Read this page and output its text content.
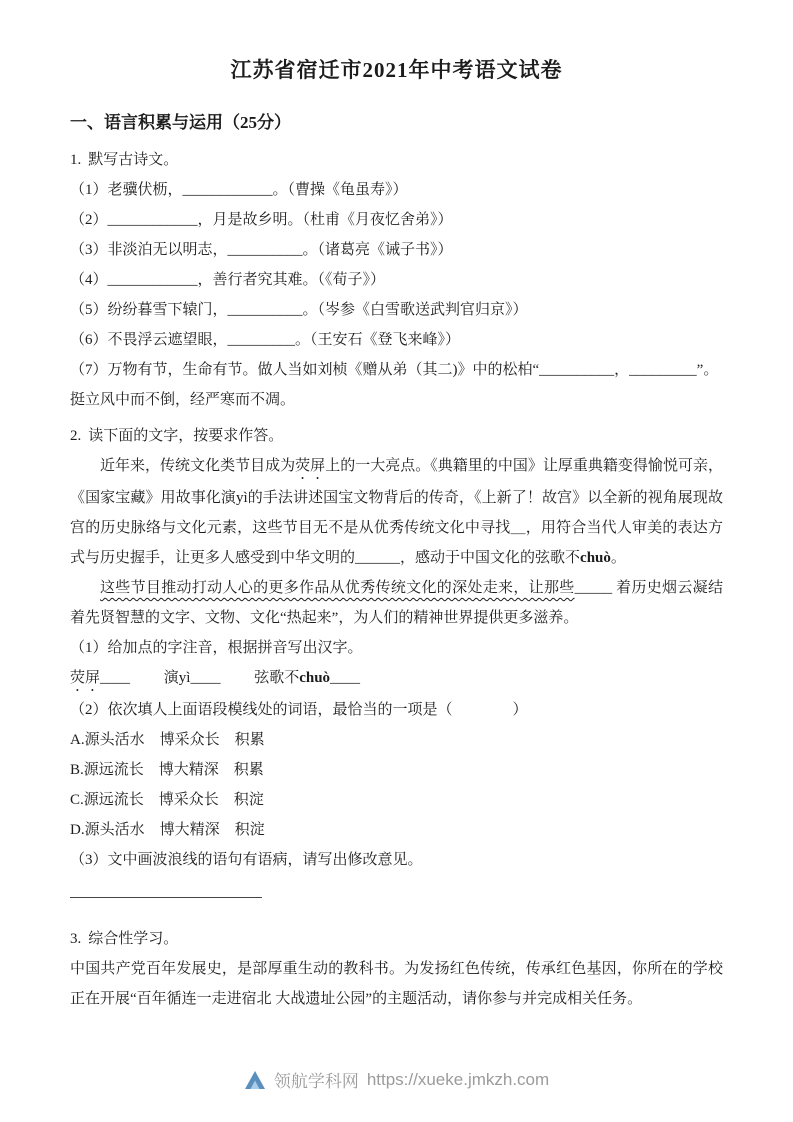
江苏省宿迁市2021年中考语文试卷
一、语言积累与运用（25分）
1. 默写古诗文。
（1）老骥伏枥，____________。（曹操《龟虽寿》）
（2）____________，月是故乡明。（杜甫《月夜忆舍弟》）
（3）非淡泊无以明志，__________。（诸葛亮《诫子书》）
（4）____________，善行者究其难。（《荀子》）
（5）纷纷暮雪下辕门，__________。（岑参《白雪歌送武判官归京》）
（6）不畏浮云遮望眼，_________。（王安石《登飞来峰》）
（7）万物有节，生命有节。做人当如刘桢《赠从弟（其二)》中的松柏“__________，_________”。
挺立风中而不倒，经严寒而不凋。
2. 读下面的文字，按要求作答。

近年来，传统文化类节目成为荧屏上的一大亮点。《典籍里的中国》让厚重典籍变得愉悦可亲，《国家宝藏》用故事化演yì的手法讲述国宝文物背后的传奇，《上新了！故宫》以全新的视角展现故宫的历史脉络与文化元素，这些节目无不是从优秀传统文化中寻找＿，用符合当代人审美的表达方式与历史握手，让更多人感受到中华文明的______，感动于中国文化的弦歌不chuò。

这些节目推动打动人心的更多作品从优秀传统文化的深处走来，让那些_____ 着历史烟云凝结着先贤智慧的文字、文物、文化“热起来”，为人们的精神世界提供更多滋养。

（1）给加点的字注音，根据拼音写出汉字。
荧屏____ 演yì____ 弦歌不chuò____
（2）依次填人上面语段模线处的词语，最恰当的一项是（　　　　）
A.源头活水　博采众长　积累
B.源远流长　博大精深　积累
C.源远流长　博采众长　积淀
D.源头活水　博大精深　积淀
（3）文中画波浪线的语句有语病，请写出修改意见。
3. 综合性学习。

中国共产党百年发展史，是部厚重生动的教科书。为发扬红色传统，传承红色基因，你所在的学校正在开展“百年循连一走进宿北 大战遗址公园”的主题活动，请你参与并完成相关任务。

领航学科网 https://xueke.jmkzh.com
